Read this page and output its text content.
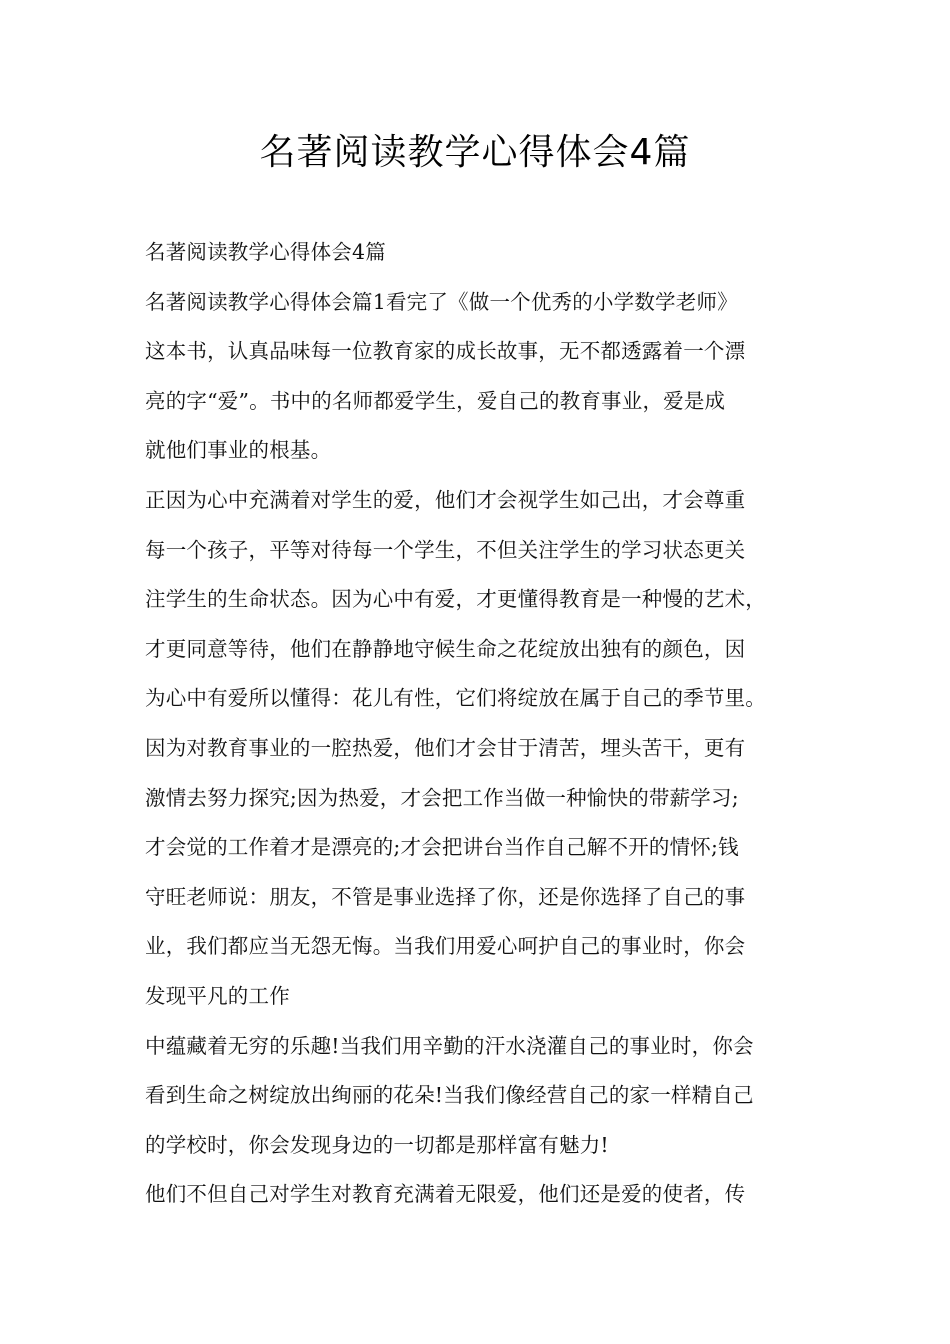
名著阅读教学心得体会4篇
名著阅读教学心得体会4篇
名著阅读教学心得体会篇1看完了《做一个优秀的小学数学老师》
这本书，认真品味每一位教育家的成长故事，无不都透露着一个漂
亮的字“爱”。书中的名师都爱学生，爱自己的教育事业，爱是成
就他们事业的根基。
正因为心中充满着对学生的爱，他们才会视学生如己出，才会尊重
每一个孩子，平等对待每一个学生，不但关注学生的学习状态更关
注学生的生命状态。因为心中有爱，才更懂得教育是一种慢的艺术，
才更同意等待，他们在静静地守候生命之花绽放出独有的颜色，因
为心中有爱所以懂得：花儿有性，它们将绽放在属于自己的季节里。
因为对教育事业的一腔热爱，他们才会甘于清苦，埋头苦干，更有
激情去努力探究;因为热爱，才会把工作当做一种愉快的带薪学习;
才会觉的工作着才是漂亮的;才会把讲台当作自己解不开的情怀;钱
守旺老师说：朋友，不管是事业选择了你，还是你选择了自己的事
业，我们都应当无怨无悔。当我们用爱心呵护自己的事业时，你会
发现平凡的工作
中蕴藏着无穷的乐趣!当我们用辛勤的汗水浇灌自己的事业时，你会
看到生命之树绽放出绚丽的花朵!当我们像经营自己的家一样精自己
的学校时，你会发现身边的一切都是那样富有魅力!
他们不但自己对学生对教育充满着无限爱，他们还是爱的使者，传
